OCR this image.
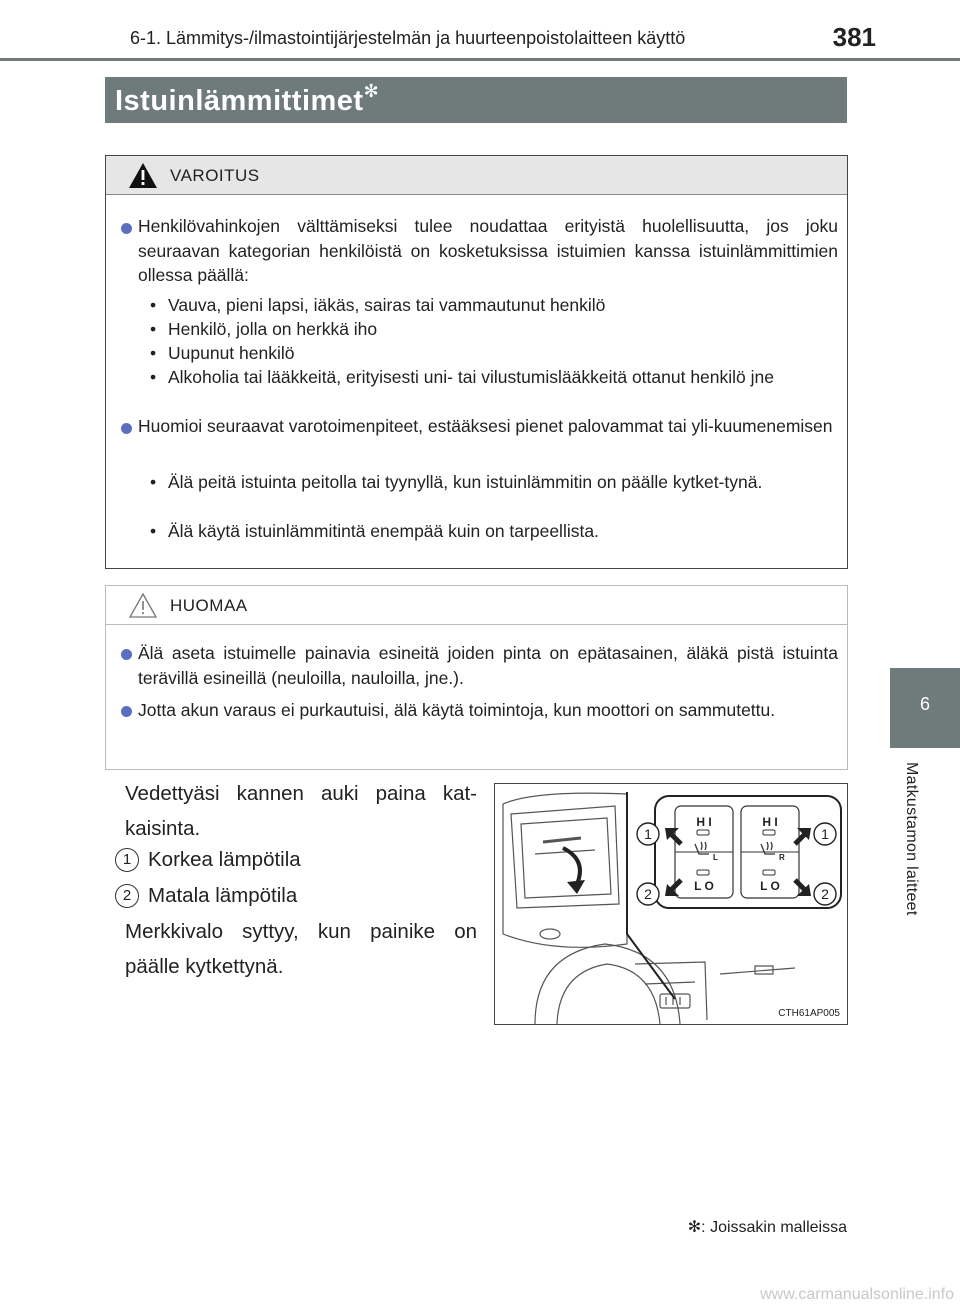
6-1. Lämmitys-/ilmastointijärjestelmän ja huurteenpoistolaitteen käyttö	381
6
Matkustamon laitteet
Istuinlämmittimet ✻
VAROITUS
Henkilövahinkojen välttämiseksi tulee noudattaa erityistä huolellisuutta, jos joku seuraavan kategorian henkilöistä on kosketuksissa istuimien kanssa istuinlämmittimien ollessa päällä:
• Vauva, pieni lapsi, iäkäs, sairas tai vammautunut henkilö
• Henkilö, jolla on herkkä iho
• Uupunut henkilö
• Alkoholia tai lääkkeitä, erityisesti uni- tai vilustumislääkkeitä ottanut henkilö jne
Huomioi seuraavat varotoimenpiteet, estääksesi pienet palovammat tai yli-kuumenemisen
• Älä peitä istuinta peitolla tai tyynyllä, kun istuinlämmitin on päälle kytket-tynä.
• Älä käytä istuinlämmitintä enempää kuin on tarpeellista.
HUOMAA
Älä aseta istuimelle painavia esineitä joiden pinta on epätasainen, äläkä pistä istuinta terävillä esineillä (neuloilla, nauloilla, jne.).
Jotta akun varaus ei purkautuisi, älä käytä toimintoja, kun moottori on sammutettu.
Vedettyäsi kannen auki paina kat-kaisinta.
1 Korkea lämpötila
2 Matala lämpötila
Merkkivalo syttyy, kun painike on päälle kytkettynä.
H I	H I
L O	L O
L	R
1
2
1
2
CTH61AP005
✻: Joissakin malleissa
www.carmanualsonline.info
